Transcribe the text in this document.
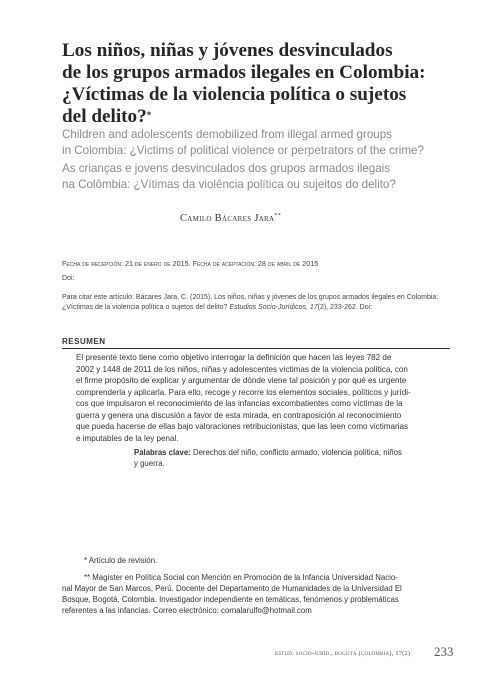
Los niños, niñas y jóvenes desvinculados
de los grupos armados ilegales en Colombia:
¿Víctimas de la violencia política o sujetos
del delito?*
Children and adolescents demobilized from illegal armed groups
in Colombia: ¿Victims of political violence or perpetrators of the crime?
As crianças e jovens desvinculados dos grupos armados ilegais
na Colômbia: ¿Vítimas da violência política ou sujeitos do delito?
Camilo Bácares Jara**
Fecha de recepción: 21 de enero de 2015. Fecha de aceptación: 28 de abril de 2015
Doi:
Para citar este artículo: Bácares Jara, C. (2015). Los niños, niñas y jóvenes de los grupos armados ilegales en Colombia:
¿Víctimas de la violencia política o sujetos del delito? Estudios Socio-Jurídicos, 17(2), 233-262. Doi:
RESUMEN
El presente texto tiene como objetivo interrogar la definición que hacen las leyes 782 de
2002 y 1448 de 2011 de los niños, niñas y adolescentes víctimas de la violencia política, con
el firme propósito de explicar y argumentar de dónde viene tal posición y por qué es urgente
comprenderla y aplicarla. Para ello, recoge y recorre los elementos sociales, políticos y jurídi-
cos que impulsaron el reconocimiento de las infancias excombatientes como víctimas de la
guerra y genera una discusión a favor de esta mirada, en contraposición al reconocimiento
que pueda hacerse de ellas bajo valoraciones retribucionistas, que las leen como victimarias
e imputables de la ley penal.
Palabras clave: Derechos del niño, conflicto armado, violencia política, niños
y guerra.
* Artículo de revisión.
** Magíster en Política Social con Mención en Promoción de la Infancia Universidad Nacio-
nal Mayor de San Marcos, Perú. Docente del Departamento de Humanidades de la Universidad El
Bosque, Bogotá, Colombia. Investigador independiente en temáticas, fenómenos y problemáticas
referentes a las infancias. Correo electrónico: cornalarulfo@hotmail.com
estud. socio-juríd., bogotá (colombia), 17(2) 233
